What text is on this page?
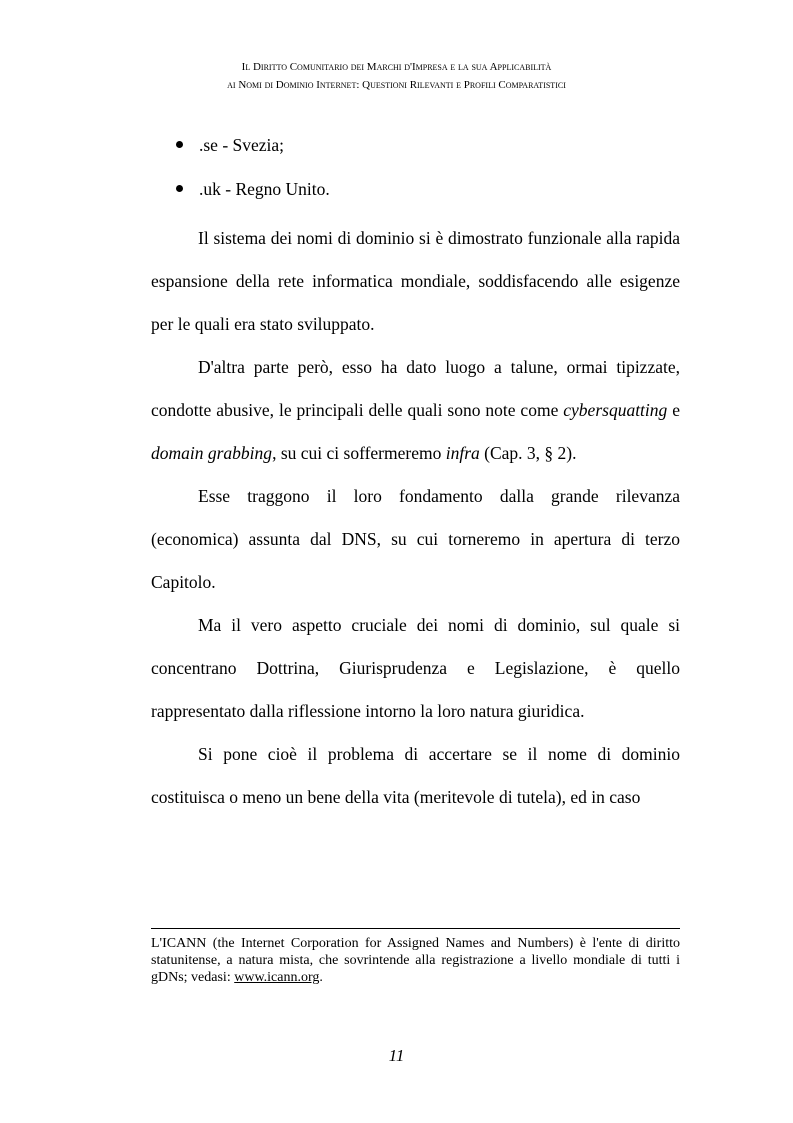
Il Diritto Comunitario dei Marchi d'Impresa e la sua Applicabilità
ai Nomi di Dominio Internet: Questioni Rilevanti e Profili Comparatistici
.se - Svezia;
.uk - Regno Unito.

Il sistema dei nomi di dominio si è dimostrato funzionale alla rapida espansione della rete informatica mondiale, soddisfacendo alle esigenze per le quali era stato sviluppato.

D'altra parte però, esso ha dato luogo a talune, ormai tipizzate, condotte abusive, le principali delle quali sono note come cybersquatting e domain grabbing, su cui ci soffermeremo infra (Cap. 3, § 2).

Esse traggono il loro fondamento dalla grande rilevanza (economica) assunta dal DNS, su cui torneremo in apertura di terzo Capitolo.

Ma il vero aspetto cruciale dei nomi di dominio, sul quale si concentrano Dottrina, Giurisprudenza e Legislazione, è quello rappresentato dalla riflessione intorno la loro natura giuridica.

Si pone cioè il problema di accertare se il nome di dominio costituisca o meno un bene della vita (meritevole di tutela), ed in caso

L'ICANN (the Internet Corporation for Assigned Names and Numbers) è l'ente di diritto statunitense, a natura mista, che sovrintende alla registrazione a livello mondiale di tutti i gDNs; vedasi: www.icann.org.
11
